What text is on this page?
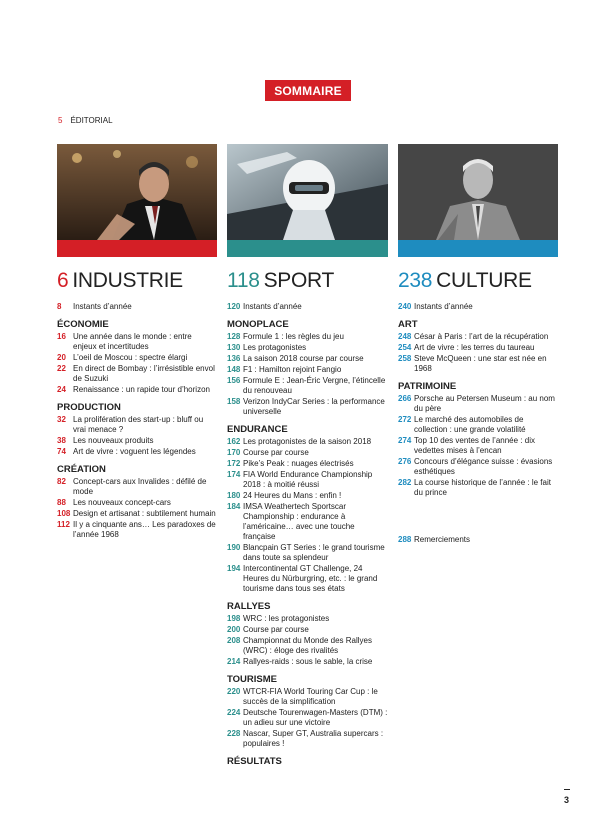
SOMMAIRE
5 ÉDITORIAL
6 INDUSTRIE
8	Instants d’année
ÉCONOMIE
16 Une année dans le monde : entre enjeux et incertitudes
20 L’oeil de Moscou : spectre élargi
22 En direct de Bombay : l’irrésistible envol de Suzuki
24 Renaissance : un rapide tour d’horizon
PRODUCTION
32 La prolifération des start-up : bluff ou vrai menace ?
38 Les nouveaux produits
74 Art de vivre : voguent les légendes
CRÉATION
82 Concept-cars aux Invalides : défilé de mode
88 Les nouveaux concept-cars
108 Design et artisanat : subtilement humain
112 Il y a cinquante ans… Les paradoxes de l’année 1968
118 SPORT
120 Instants d’année
MONOPLACE
128 Formule 1 : les règles du jeu
130 Les protagonistes
136 La saison 2018 course par course
148 F1 : Hamilton rejoint Fangio
156 Formule E : Jean-Éric Vergne, l’étincelle du renouveau
158 Verizon IndyCar Series : la performance universelle
ENDURANCE
162 Les protagonistes de la saison 2018
170 Course par course
172 Pike’s Peak : nuages électrisés
174 FIA World Endurance Championship 2018 : à moitié réussi
180 24 Heures du Mans : enfin !
184 IMSA Weathertech Sportscar Championship : endurance à l’américaine… avec une touche française
190 Blancpain GT Series : le grand tourisme dans toute sa splendeur
194 Intercontinental GT Challenge, 24 Heures du Nürburgring, etc. : le grand tourisme dans tous ses états
RALLYES
198 WRC : les protagonistes
200 Course par course
208 Championnat du Monde des Rallyes (WRC) : éloge des rivalités
214 Rallyes-raids : sous le sable, la crise
TOURISME
220 WTCR-FIA World Touring Car Cup : le succès de la simplification
224 Deutsche Tourenwagen-Masters (DTM) : un adieu sur une victoire
228 Nascar, Super GT, Australia supercars : populaires !
RÉSULTATS
238 CULTURE
240 Instants d’année
ART
248 César à Paris : l’art de la récupération
254 Art de vivre : les terres du taureau
258 Steve McQueen : une star est née en 1968
PATRIMOINE
266 Porsche au Petersen Museum : au nom du père
272 Le marché des automobiles de collection : une grande volatilité
274 Top 10 des ventes de l’année : dix vedettes mises à l’encan
276 Concours d’élégance suisse : évasions esthétiques
282 La course historique de l’année : le fait du prince
288 Remerciements
3
